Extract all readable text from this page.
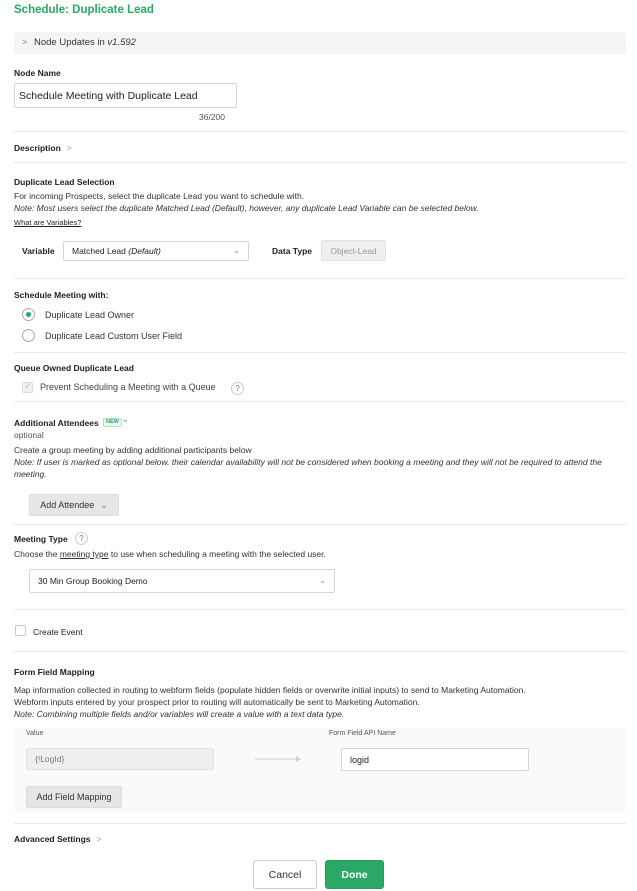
Schedule: Duplicate Lead
> Node Updates in v1.592
Node Name
Schedule Meeting with Duplicate Lead
36/200
Description >
Duplicate Lead Selection
For incoming Prospects, select the duplicate Lead you want to schedule with.
Note: Most users select the duplicate Matched Lead (Default), however, any duplicate Lead Variable can be selected below.
What are Variables?
Variable Matched Lead
(Default)	⌄	Data Type	Object-Lead
Schedule Meeting with:
Duplicate Lead Owner
Duplicate Lead Custom User Field
Queue Owned Duplicate Lead
✓
Prevent Scheduling a Meeting with a Queue	?
Additional Attendees	NEW ⌄
optional
Create a group meeting by adding additional participants below
Note: If user is marked as optional below, their calendar availability will not be considered when booking a meeting and they will not be required to attend the meeting.
Add Attendee ⌄
Meeting Type	?
Choose the meeting type to use when scheduling a meeting with the selected user.
30 Min Group Booking Demo	⌄
Create Event
Form Field Mapping
Map information collected in routing to webform fields (populate hidden fields or overwrite initial inputs) to send to Marketing Automation.
Webform inputs entered by your prospect prior to routing will automatically be sent to Marketing Automation.
Note: Combining multiple fields and/or variables will create a value with a text data type.
Value	Form Field API Name
{!LogId}	logid
Add Field Mapping
Advanced Settings >
Cancel	Done
